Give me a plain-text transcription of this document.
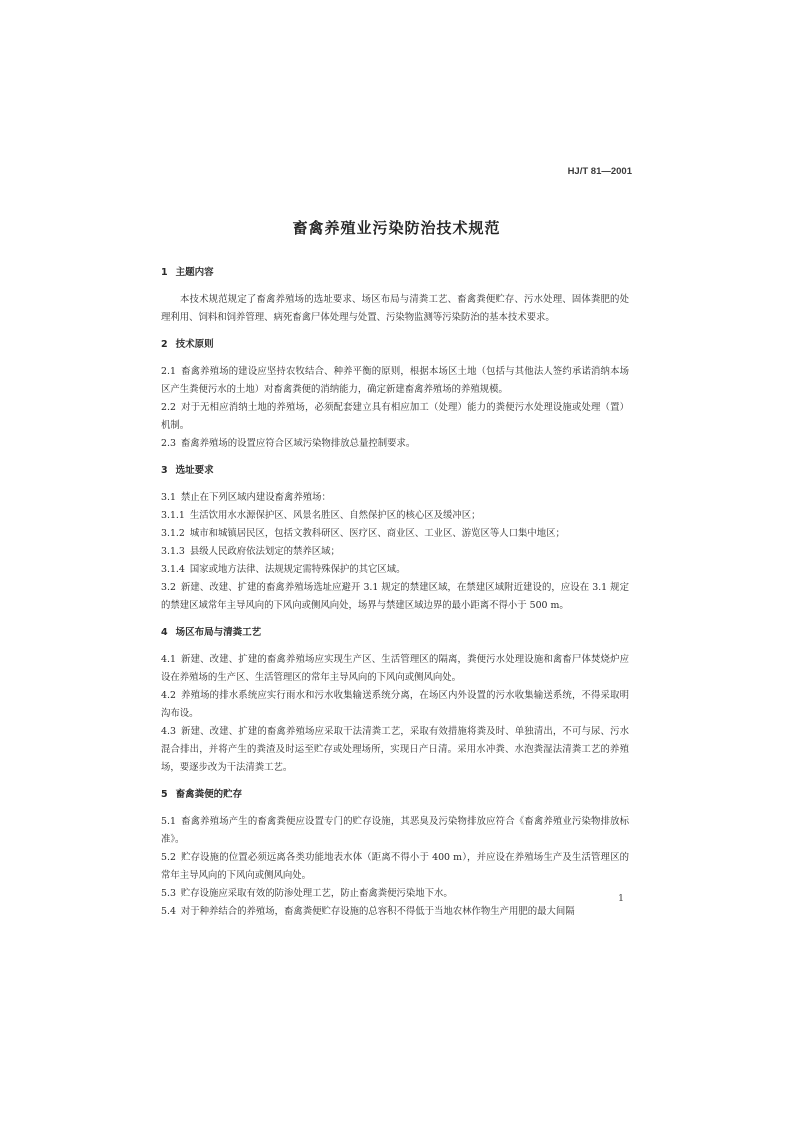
HJ/T 81—2001
畜禽养殖业污染防治技术规范
1 主题内容
本技术规范规定了畜禽养殖场的选址要求、场区布局与清粪工艺、畜禽粪便贮存、污水处理、固体粪肥的处理利用、饲料和饲养管理、病死畜禽尸体处理与处置、污染物监测等污染防治的基本技术要求。
2 技术原则
2.1 畜禽养殖场的建设应坚持农牧结合、种养平衡的原则，根据本场区土地（包括与其他法人签约承诺消纳本场区产生粪便污水的土地）对畜禽粪便的消纳能力，确定新建畜禽养殖场的养殖规模。
2.2 对于无相应消纳土地的养殖场，必须配套建立具有相应加工（处理）能力的粪便污水处理设施或处理（置）机制。
2.3 畜禽养殖场的设置应符合区域污染物排放总量控制要求。
3 选址要求
3.1 禁止在下列区域内建设畜禽养殖场：
3.1.1 生活饮用水水源保护区、风景名胜区、自然保护区的核心区及缓冲区；
3.1.2 城市和城镇居民区，包括文教科研区、医疗区、商业区、工业区、游览区等人口集中地区；
3.1.3 县级人民政府依法划定的禁养区域；
3.1.4 国家或地方法律、法规规定需特殊保护的其它区域。
3.2 新建、改建、扩建的畜禽养殖场选址应避开 3.1 规定的禁建区域，在禁建区域附近建设的，应设在 3.1 规定的禁建区域常年主导风向的下风向或侧风向处，场界与禁建区域边界的最小距离不得小于 500 m。
4 场区布局与清粪工艺
4.1 新建、改建、扩建的畜禽养殖场应实现生产区、生活管理区的隔离，粪便污水处理设施和禽畜尸体焚烧炉应设在养殖场的生产区、生活管理区的常年主导风向的下风向或侧风向处。
4.2 养殖场的排水系统应实行雨水和污水收集输送系统分离，在场区内外设置的污水收集输送系统，不得采取明沟布设。
4.3 新建、改建、扩建的畜禽养殖场应采取干法清粪工艺，采取有效措施将粪及时、单独清出，不可与尿、污水混合排出，并将产生的粪渣及时运至贮存或处理场所，实现日产日清。采用水冲粪、水泡粪湿法清粪工艺的养殖场，要逐步改为干法清粪工艺。
5 畜禽粪便的贮存
5.1 畜禽养殖场产生的畜禽粪便应设置专门的贮存设施，其恶臭及污染物排放应符合《畜禽养殖业污染物排放标准》。
5.2 贮存设施的位置必须远离各类功能地表水体（距离不得小于 400 m），并应设在养殖场生产及生活管理区的常年主导风向的下风向或侧风向处。
5.3 贮存设施应采取有效的防渗处理工艺，防止畜禽粪便污染地下水。
5.4 对于种养结合的养殖场，畜禽粪便贮存设施的总容积不得低于当地农林作物生产用肥的最大间隔
1
